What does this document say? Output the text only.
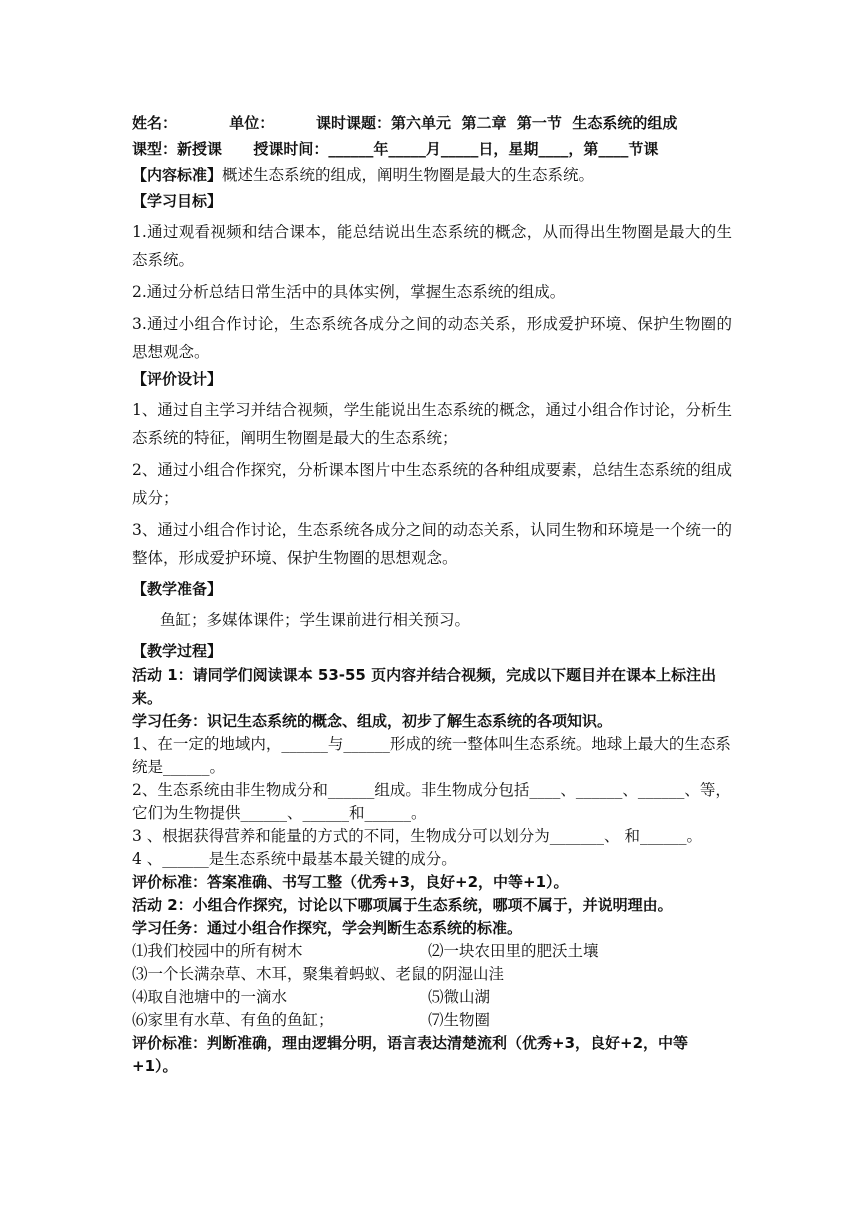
姓名：          单位：        课时课题：第六单元  第二章  第一节  生态系统的组成
课型：新授课      授课时间：______年_____月_____日，星期____，第____节课
【内容标准】概述生态系统的组成，阐明生物圈是最大的生态系统。
【学习目标】

1.通过观看视频和结合课本，能总结说出生态系统的概念，从而得出生物圈是最大的生态系统。

2.通过分析总结日常生活中的具体实例，掌握生态系统的组成。

3.通过小组合作讨论，生态系统各成分之间的动态关系，形成爱护环境、保护生物圈的思想观念。

【评价设计】

1、通过自主学习并结合视频，学生能说出生态系统的概念，通过小组合作讨论，分析生态系统的特征，阐明生物圈是最大的生态系统；

2、通过小组合作探究，分析课本图片中生态系统的各种组成要素，总结生态系统的组成成分；

3、通过小组合作讨论，生态系统各成分之间的动态关系，认同生物和环境是一个统一的整体，形成爱护环境、保护生物圈的思想观念。

【教学准备】

鱼缸；多媒体课件；学生课前进行相关预习。

【教学过程】

活动 1：请同学们阅读课本 53-55 页内容并结合视频，完成以下题目并在课本上标注出来。

学习任务：识记生态系统的概念、组成，初步了解生态系统的各项知识。

1、在一定的地域内，______与______形成的统一整体叫生态系统。地球上最大的生态系统是______。

2、生态系统由非生物成分和______组成。非生物成分包括____、______、______、等，它们为生物提供______、______和______。

3 、根据获得营养和能量的方式的不同，生物成分可以划分为_______、 和______。

4 、______是生态系统中最基本最关键的成分。

评价标准：答案准确、书写工整（优秀+3，良好+2，中等+1）。

活动 2：小组合作探究，讨论以下哪项属于生态系统，哪项不属于，并说明理由。

学习任务：通过小组合作探究，学会判断生态系统的标准。

⑴我们校园中的所有树木	⑵一块农田里的肥沃土壤
⑶一个长满杂草、木耳，聚集着蚂蚁、老鼠的阴湿山洼
⑷取自池塘中的一滴水	⑸微山湖
⑹家里有水草、有鱼的鱼缸；	⑺生物圈

评价标准：判断准确，理由逻辑分明，语言表达清楚流利（优秀+3，良好+2，中等+1）。
